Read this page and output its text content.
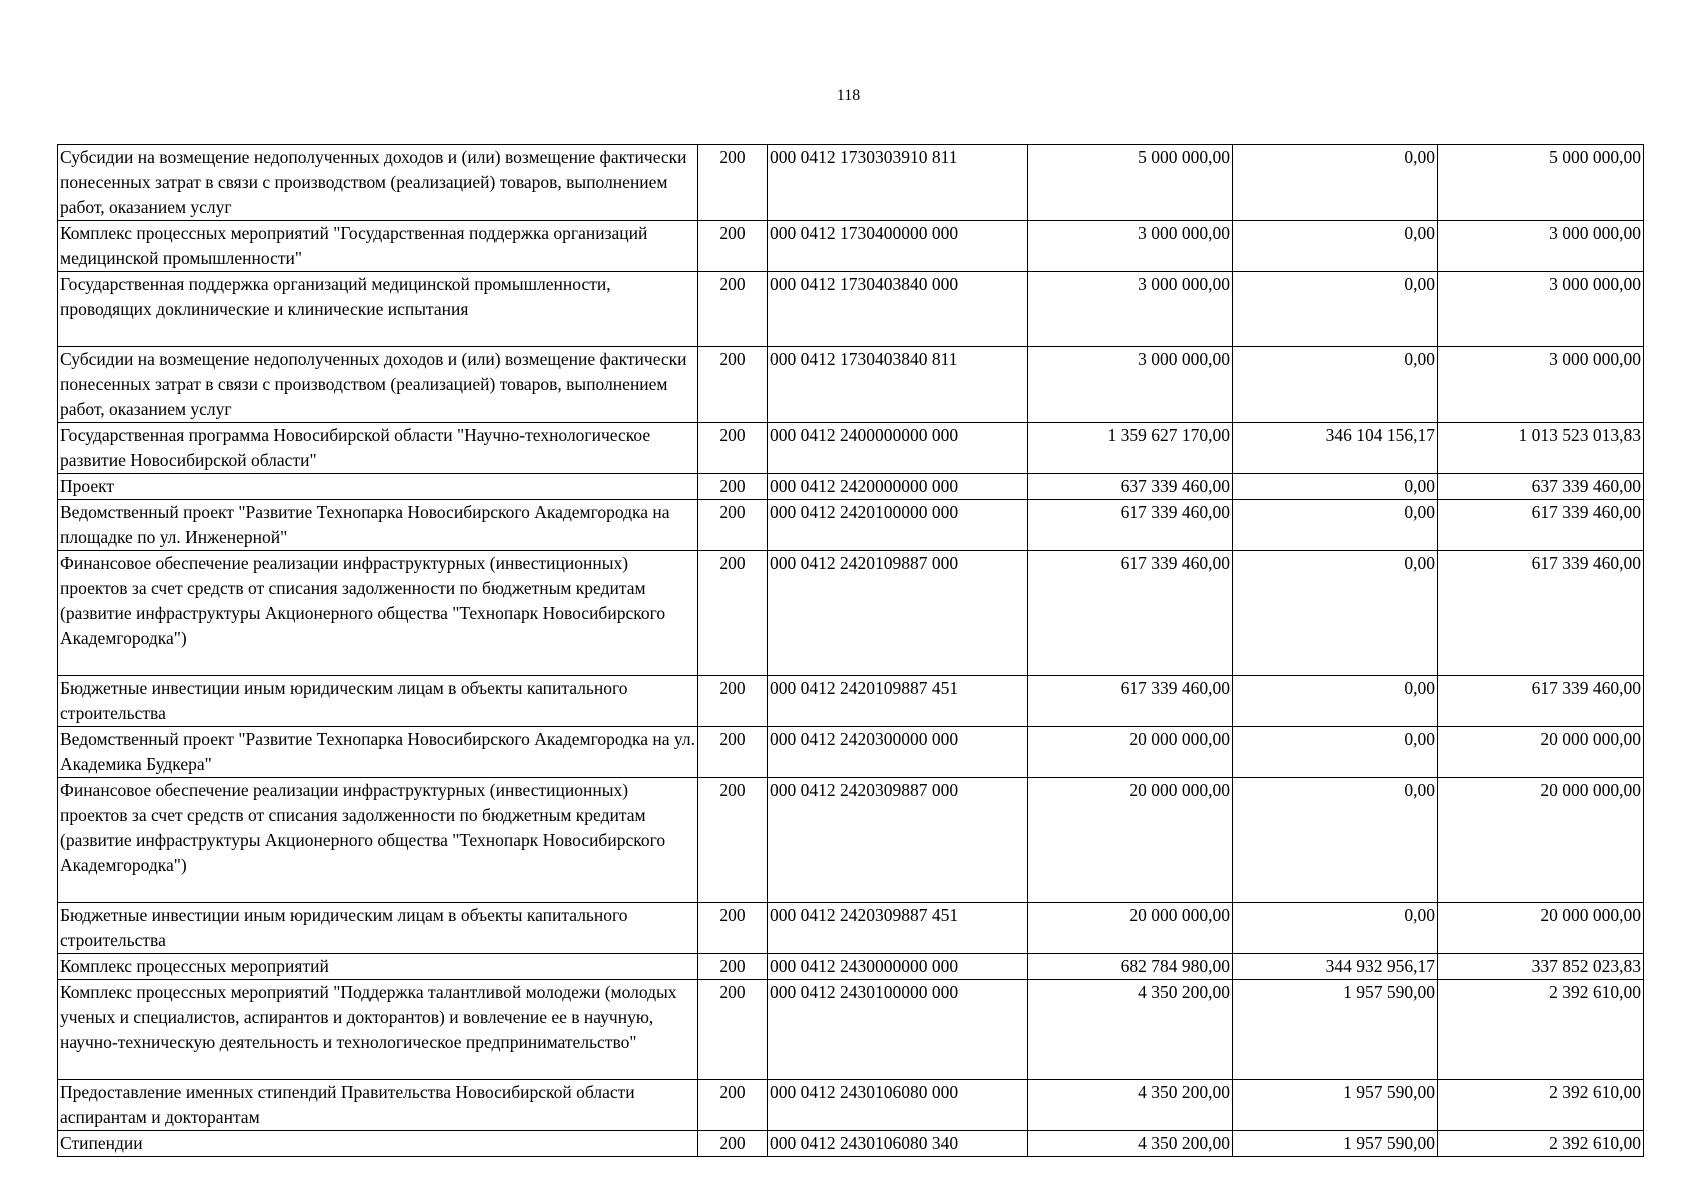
118
Субсидии на возмещение недополученных доходов и (или) возмещение фактически понесенных затрат в связи с производством (реализацией) товаров, выполнением работ, оказанием услуг	200	000 0412 1730303910 811	5 000 000,00	0,00	5 000 000,00
Комплекс процессных мероприятий "Государственная поддержка организаций медицинской промышленности"	200	000 0412 1730400000 000	3 000 000,00	0,00	3 000 000,00
Государственная поддержка организаций медицинской промышленности, проводящих доклинические и клинические испытания	200	000 0412 1730403840 000	3 000 000,00	0,00	3 000 000,00
Субсидии на возмещение недополученных доходов и (или) возмещение фактически понесенных затрат в связи с производством (реализацией) товаров, выполнением работ, оказанием услуг	200	000 0412 1730403840 811	3 000 000,00	0,00	3 000 000,00
Государственная программа Новосибирской области "Научно-технологическое развитие Новосибирской области"	200	000 0412 2400000000 000	1 359 627 170,00	346 104 156,17	1 013 523 013,83
Проект	200	000 0412 2420000000 000	637 339 460,00	0,00	637 339 460,00
Ведомственный проект "Развитие Технопарка Новосибирского Академгородка на площадке по ул. Инженерной"	200	000 0412 2420100000 000	617 339 460,00	0,00	617 339 460,00
Финансовое обеспечение реализации инфраструктурных (инвестиционных) проектов за счет средств от списания задолженности по бюджетным кредитам (развитие инфраструктуры Акционерного общества "Технопарк Новосибирского Академгородка")	200	000 0412 2420109887 000	617 339 460,00	0,00	617 339 460,00
Бюджетные инвестиции иным юридическим лицам в объекты капитального строительства	200	000 0412 2420109887 451	617 339 460,00	0,00	617 339 460,00
Ведомственный проект "Развитие Технопарка Новосибирского Академгородка на ул. Академика Будкера"	200	000 0412 2420300000 000	20 000 000,00	0,00	20 000 000,00
Финансовое обеспечение реализации инфраструктурных (инвестиционных) проектов за счет средств от списания задолженности по бюджетным кредитам (развитие инфраструктуры Акционерного общества "Технопарк Новосибирского Академгородка")	200	000 0412 2420309887 000	20 000 000,00	0,00	20 000 000,00
Бюджетные инвестиции иным юридическим лицам в объекты капитального строительства	200	000 0412 2420309887 451	20 000 000,00	0,00	20 000 000,00
Комплекс процессных мероприятий	200	000 0412 2430000000 000	682 784 980,00	344 932 956,17	337 852 023,83
Комплекс процессных мероприятий "Поддержка талантливой молодежи (молодых ученых и специалистов, аспирантов и докторантов) и вовлечение ее в научную, научно-техническую деятельность и технологическое предпринимательство"	200	000 0412 2430100000 000	4 350 200,00	1 957 590,00	2 392 610,00
Предоставление именных стипендий Правительства Новосибирской области аспирантам и докторантам	200	000 0412 2430106080 000	4 350 200,00	1 957 590,00	2 392 610,00
Стипендии	200	000 0412 2430106080 340	4 350 200,00	1 957 590,00	2 392 610,00
